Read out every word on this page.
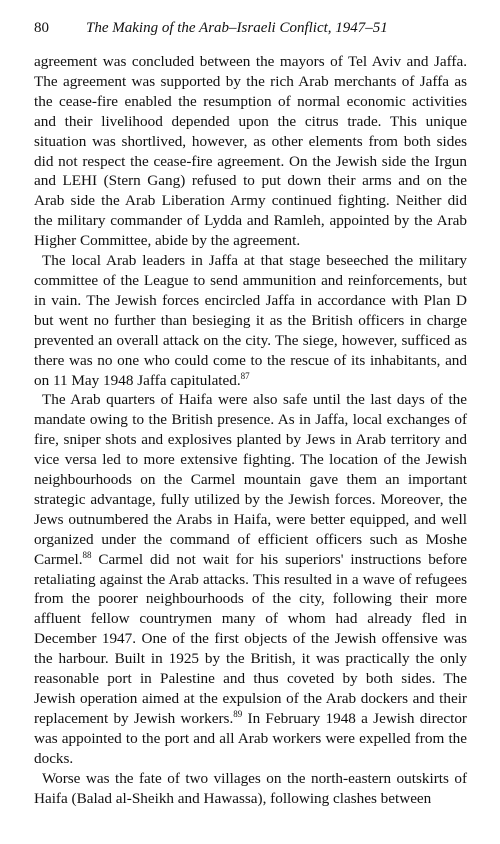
80	The Making of the Arab–Israeli Conflict, 1947–51

agreement was concluded between the mayors of Tel Aviv and Jaffa. The agreement was supported by the rich Arab merchants of Jaffa as the cease-fire enabled the resumption of normal economic activities and their livelihood depended upon the citrus trade. This unique situation was shortlived, however, as other elements from both sides did not respect the cease-fire agreement. On the Jewish side the Irgun and LEHI (Stern Gang) refused to put down their arms and on the Arab side the Arab Liberation Army continued fighting. Neither did the military commander of Lydda and Ramleh, appointed by the Arab Higher Committee, abide by the agreement.

The local Arab leaders in Jaffa at that stage beseeched the military committee of the League to send ammunition and reinforcements, but in vain. The Jewish forces encircled Jaffa in accordance with Plan D but went no further than besieging it as the British officers in charge prevented an overall attack on the city. The siege, however, sufficed as there was no one who could come to the rescue of its inhabitants, and on 11 May 1948 Jaffa capitulated.$^{87}$

The Arab quarters of Haifa were also safe until the last days of the mandate owing to the British presence. As in Jaffa, local exchanges of fire, sniper shots and explosives planted by Jews in Arab territory and vice versa led to more extensive fighting. The location of the Jewish neighbourhoods on the Carmel mountain gave them an important strategic advantage, fully utilized by the Jewish forces. Moreover, the Jews outnumbered the Arabs in Haifa, were better equipped, and well organized under the command of efficient officers such as Moshe Carmel.$^{88}$ Carmel did not wait for his superiors' instructions before retaliating against the Arab attacks. This resulted in a wave of refugees from the poorer neighbourhoods of the city, following their more affluent fellow countrymen many of whom had already fled in December 1947. One of the first objects of the Jewish offensive was the harbour. Built in 1925 by the British, it was practically the only reasonable port in Palestine and thus coveted by both sides. The Jewish operation aimed at the expulsion of the Arab dockers and their replacement by Jewish workers.$^{89}$ In February 1948 a Jewish director was appointed to the port and all Arab workers were expelled from the docks.

Worse was the fate of two villages on the north-eastern outskirts of Haifa (Balad al-Sheikh and Hawassa), following clashes between
